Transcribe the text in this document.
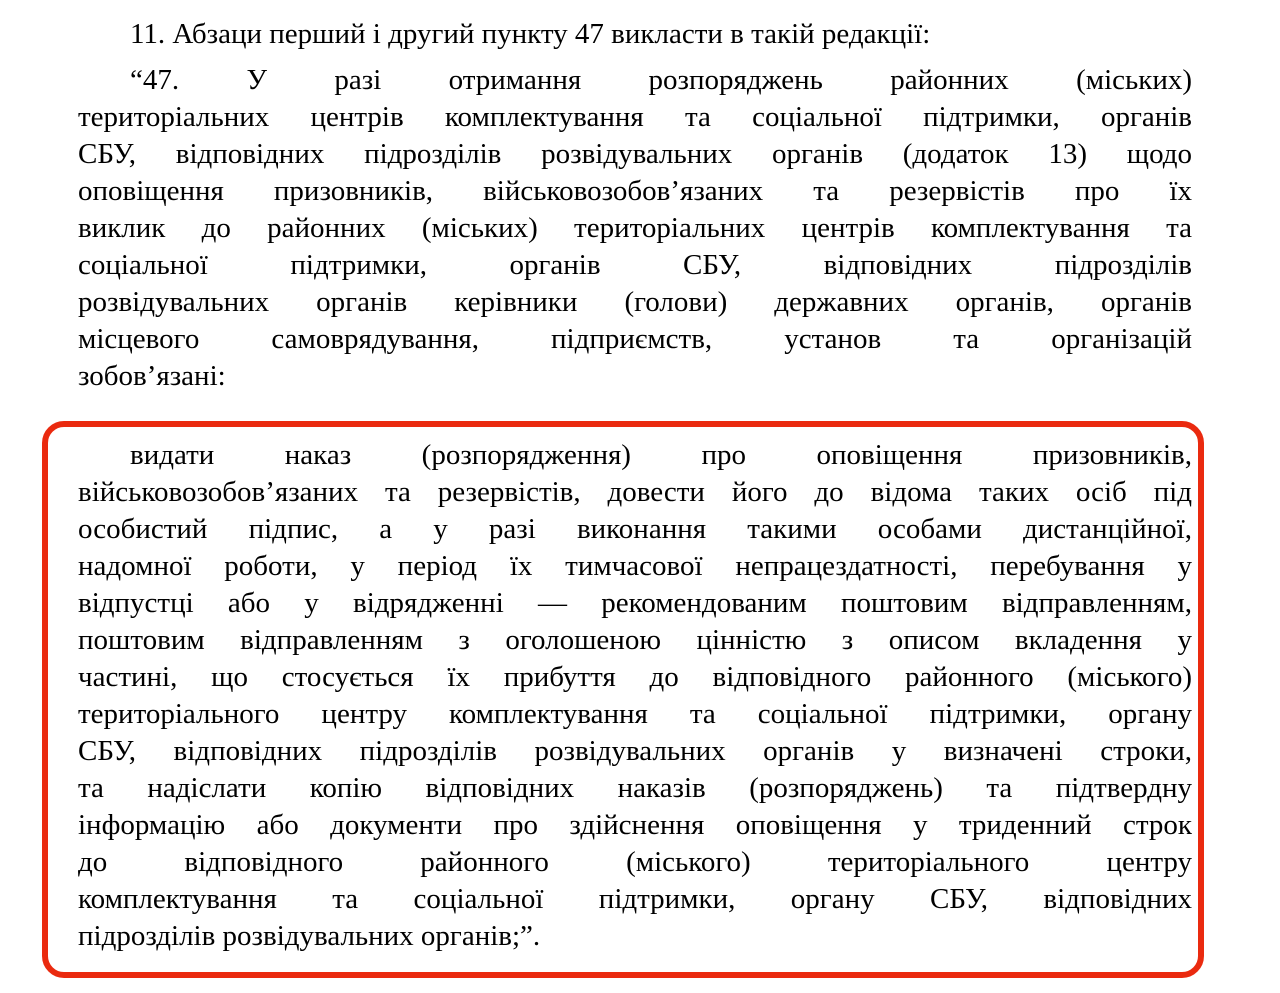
11. Абзаци перший і другий пункту 47 викласти в такій редакції:
“47. У разі отримання розпоряджень районних (міських)
територіальних центрів комплектування та соціальної підтримки, органів
СБУ, відповідних підрозділів розвідувальних органів (додаток 13) щодо
оповіщення призовників, військовозобов’язаних та резервістів про їх
виклик до районних (міських) територіальних центрів комплектування та
соціальної підтримки, органів СБУ, відповідних підрозділів
розвідувальних органів керівники (голови) державних органів, органів
місцевого самоврядування, підприємств, установ та організацій
зобов’язані:
видати наказ (розпорядження) про оповіщення призовників,
військовозобов’язаних та резервістів, довести його до відома таких осіб під
особистий підпис, а у разі виконання такими особами дистанційної,
надомної роботи, у період їх тимчасової непрацездатності, перебування у
відпустці або у відрядженні — рекомендованим поштовим відправленням,
поштовим відправленням з оголошеною цінністю з описом вкладення у
частині, що стосується їх прибуття до відповідного районного (міського)
територіального центру комплектування та соціальної підтримки, органу
СБУ, відповідних підрозділів розвідувальних органів у визначені строки,
та надіслати копію відповідних наказів (розпоряджень) та підтвердну
інформацію або документи про здійснення оповіщення у триденний строк
до відповідного районного (міського) територіального центру
комплектування та соціальної підтримки, органу СБУ, відповідних
підрозділів розвідувальних органів;”.
